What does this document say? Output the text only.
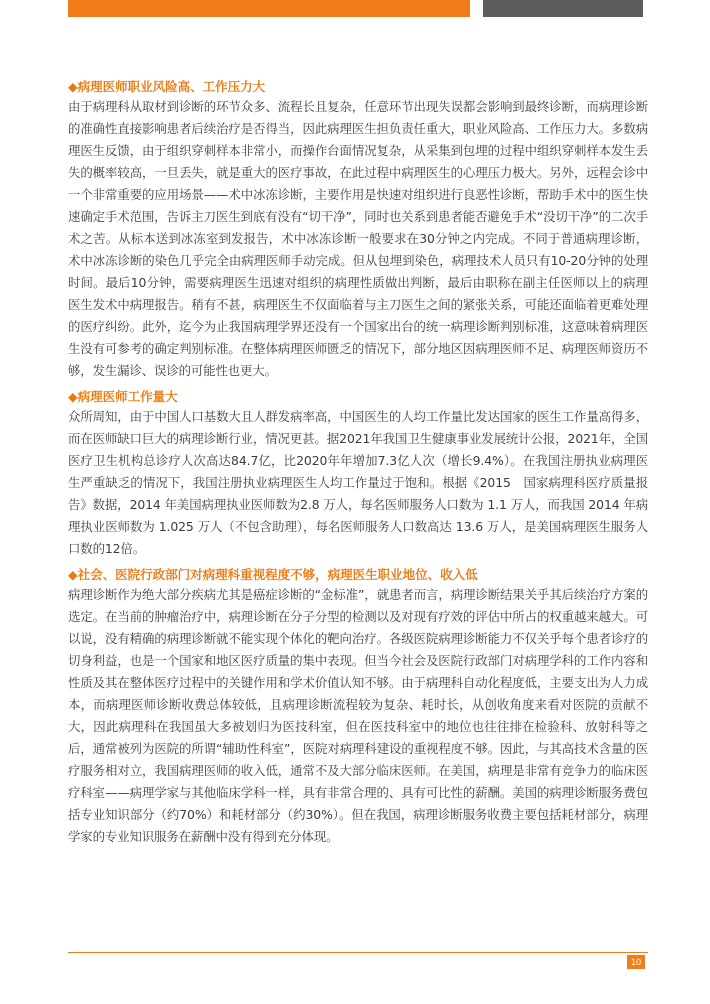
◆病理医师职业风险高、工作压力大

由于病理科从取材到诊断的环节众多、流程长且复杂，任意环节出现失误都会影响到最终诊断，而病理诊断的准确性直接影响患者后续治疗是否得当，因此病理医生担负责任重大，职业风险高、工作压力大。多数病理医生反馈，由于组织穿刺样本非常小，而操作台面情况复杂，从采集到包埋的过程中组织穿刺样本发生丢失的概率较高，一旦丢失，就是重大的医疗事故，在此过程中病理医生的心理压力极大。另外，远程会诊中一个非常重要的应用场景——术中冰冻诊断，主要作用是快速对组织进行良恶性诊断，帮助手术中的医生快速确定手术范围，告诉主刀医生到底有没有“切干净”，同时也关系到患者能否避免手术“没切干净”的二次手术之苦。从标本送到冰冻室到发报告，术中冰冻诊断一般要求在30分钟之内完成。不同于普通病理诊断，术中冰冻诊断的染色几乎完全由病理医师手动完成。但从包埋到染色，病理技术人员只有10-20分钟的处理时间。最后10分钟，需要病理医生迅速对组织的病理性质做出判断，最后由职称在副主任医师以上的病理医生发术中病理报告。稍有不甚，病理医生不仅面临着与主刀医生之间的紧张关系，可能还面临着更难处理的医疗纠纷。此外，迄今为止我国病理学界还没有一个国家出台的统一病理诊断判别标准，这意味着病理医生没有可参考的确定判别标准。在整体病理医师匮乏的情况下，部分地区因病理医师不足、病理医师资历不够，发生漏诊、误诊的可能性也更大。

◆病理医师工作量大

众所周知，由于中国人口基数大且人群发病率高，中国医生的人均工作量比发达国家的医生工作量高得多，而在医师缺口巨大的病理诊断行业，情况更甚。据2021年我国卫生健康事业发展统计公报，2021年，全国医疗卫生机构总诊疗人次高达84.7亿，比2020年年增加7.3亿人次（增长9.4%）。在我国注册执业病理医生严重缺乏的情况下，我国注册执业病理医生人均工作量过于饱和。根据《2015　国家病理科医疗质量报告》数据，2014 年美国病理执业医师数为2.8 万人，每名医师服务人口数为 1.1 万人，而我国 2014 年病理执业医师数为 1.025 万人（不包含助理），每名医师服务人口数高达 13.6 万人，是美国病理医生服务人口数的12倍。

◆社会、医院行政部门对病理科重视程度不够，病理医生职业地位、收入低

病理诊断作为绝大部分疾病尤其是癌症诊断的“金标准”，就患者而言，病理诊断结果关乎其后续治疗方案的选定。在当前的肿瘤治疗中，病理诊断在分子分型的检测以及对现有疗效的评估中所占的权重越来越大。可以说，没有精确的病理诊断就不能实现个体化的靶向治疗。各级医院病理诊断能力不仅关乎每个患者诊疗的切身利益，也是一个国家和地区医疗质量的集中表现。但当今社会及医院行政部门对病理学科的工作内容和性质及其在整体医疗过程中的关键作用和学术价值认知不够。由于病理科自动化程度低，主要支出为人力成本，而病理医师诊断收费总体较低，且病理诊断流程较为复杂、耗时长，从创收角度来看对医院的贡献不大，因此病理科在我国虽大多被划归为医技科室，但在医技科室中的地位也往往排在检验科、放射科等之后，通常被列为医院的所谓“辅助性科室”，医院对病理科建设的重视程度不够。因此，与其高技术含量的医疗服务相对立，我国病理医师的收入低，通常不及大部分临床医师。在美国，病理是非常有竞争力的临床医疗科室——病理学家与其他临床学科一样，具有非常合理的、具有可比性的薪酬。美国的病理诊断服务费包括专业知识部分（约70%）和耗材部分（约30%）。但在我国，病理诊断服务收费主要包括耗材部分，病理学家的专业知识服务在薪酬中没有得到充分体现。

10
